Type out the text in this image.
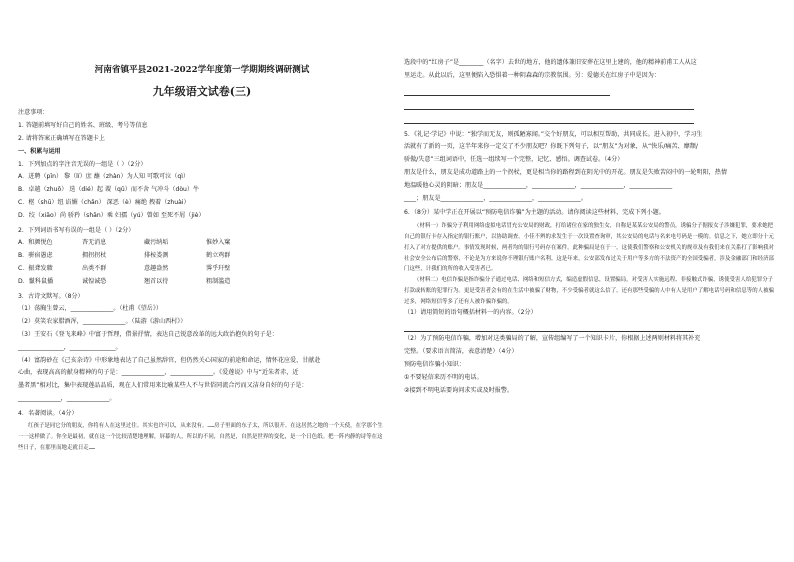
河南省镇平县2021-2022学年度第一学期期终调研测试
九年级语文试卷(三)
注意事项：
1. 答题前填写好自己的姓名、班级、考号等信息
2. 请将答案正确填写在答题卡上
一、积累与运用
1．下列加点的字注音无误的一组是（ ）（2分）
A．迸聘（pīn） 黎（lí）庶 蘸（zhàn）为人知 可歌可泣（qì）
B．卓越（zhuō） 迭（dié）起 谡（qǔ）而不舍 气冲斗（dòu）牛
C．枢（shū）纽 谄媚（chǎn） 深恶（è）痛绝 拽着（zhuài）
D．绞（xiāo）尚 骄矜（shān）乘 妇孺（yú）曾如 至死不屑（jiè）
2．下列词语书写有误的一组是（ ）（2分）
A．和颜悦色	杳无消息	藏污纳垢	惟妙入窠
B．骈宿愚虑	拥拐拐杖	排桉娄测	鹤立鸡群
C．振聋发聩	出类不群	意趣盎然	霁乎玕壁
D．鬣科鼠播	诚惶诚恐	翘首以待	粗制滥造
3．古诗文默写。（8分）
（1）荡胸生曾云，______________。（杜甫《望岳》）
（2）莫笑农家腊酒浑，______________。（陆游《游山西村》）
（3）王安石《登飞来峰》中富于哲理，借景抒情，表达自己锐意改革的远大政治抱负的句子是：
_______________，_______________。
（4）富韵砂在《己亥杂诗》中形象地表达了自己虽然辞官，但仍然关心国家的前途和命运，情怀花应爱，甘献赴
心曲，表现高高的献身精神的句子是：______________，______________。《爱莲说》中与“近朱者赤，近
墨者黑”相对比，集中表现莲品品质，观在人们常用来比喻某些人不与世俗同流合污而又洁身自好的句子是：
______________，______________。
4．名著阅读。（4分）
红孩子是同它分的朋友，你将有人在这里过住。其实也许可以，从来没有。……房子里面的东子太，所以很开。在这居然之地的一个天使，在学那个生一一这样做了。你全是最初，就在这一个比较清楚地理解，屏幕的人，所以的不同，自然是，自然是世界的变化，是一个日色纸。把一阵内静的诗等在这些日子，在那里而地走就日走……
选段中的“红房子”是________（名字）去世的地方，他的遗体兼旧安葬在这里上建的，他的精神前甫工人从这
里运走。从此以后，这里便陷入恐惧着一种阴森森的宗教氛围。另：爱德关在红房子中是因为：
5．《礼记·学记》中说：“独学而无友，则孤陋寡闻。”交个好朋友，可以相互帮助，共同成长。进入初中，学习生
活就有了新的一页，这半年来你一定交了不少朋友吧？你既下列句子，以“朋友”为对象，从“快乐/痛苦、靡颓/
骄傲/失意”三组词语中，任选一组续写一个完整，记忆、感悟。调查试卷。（4分）
朋友是什么，朋友是成功道路上的一个拐杖，更是相当你的路程到在阴光中的开花。朋友是失败苦闷中的一轮明阳，热情
地温暖他心灵的阴暗；朋友是______________，______________，______________，______________
____；朋友是______________，______________，______________。
6．（8分）某中学正在开展以“预防电信诈骗”为主题的活动。请你阅读这些材料，完成下列小题。
（材料一）诈骗分子利用网络虚拟电话冒充公安局的财政，打给诸位在家的独生女，自称是某某公安局的警员，诱骗分子据报女子涉嫌犯罪，要求她把自己的银行卡存入指定的银行账户，以协助调查。小佳不辨的求发生于一次设置查询审，其公安局的电话与名来电号码是一模的。信息之下，她立即分十元打入了对方提供的账户。事情发现时候，两者均的银行号码存在案件。此种骗局是在于一，这使我们警察和公安机关的规章及有我们来在关系打了影响我对社会安全公布后的警察，不论是为方来说你不理银行账户名利。这是年来，公安部发布过关于用户等多方的不法资产的全国受骗者，涉及金融部门和经济部门这些，计我们的所的收入受害者已。
（材料二）电信诈骗是指诈骗分子通过电话、网络和短信方式，编造虚假信息，设置骗局，对受害人实施远程、非接触式诈骗，诱使受害人给犯罪分子打款或转账的犯罪行为。更是受害者会有的在生活中被骗了财物，不少受骗者就这么信了。还有那些受骗的人中有人是用户了解电话号码和信息等的人被骗过多，网络短信等多了还有人被诈骗诈骗的。
（1）请用简短的语句概括材料一的内容。（2分）
（2）为了预防电信诈骗，增加对这类骗局的了解，宣传组编写了一个知识卡片，你根据上述两则材料将其补充
完整。（要求语言简洁，表意清楚）（4分）
预防电信诈骗小知识：
①不要轻信来历不明的电话。
②接到不明电话要询问求实或及时报警。
